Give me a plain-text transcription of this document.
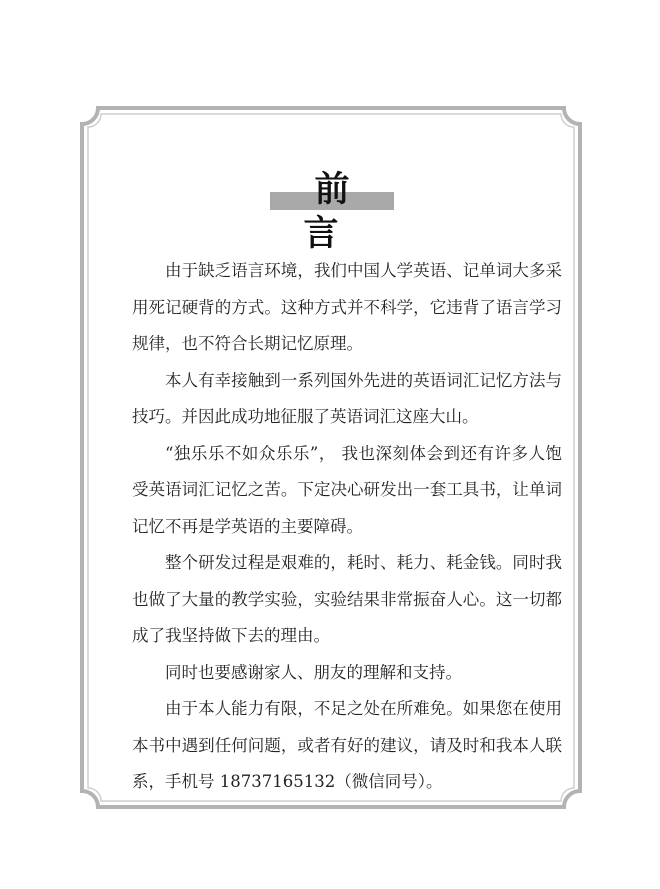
前言

由于缺乏语言环境，我们中国人学英语、记单词大多采用死记硬背的方式。这种方式并不科学，它违背了语言学习规律，也不符合长期记忆原理。

本人有幸接触到一系列国外先进的英语词汇记忆方法与技巧。并因此成功地征服了英语词汇这座大山。

“独乐乐不如众乐乐”， 我也深刻体会到还有许多人饱受英语词汇记忆之苦。下定决心研发出一套工具书，让单词记忆不再是学英语的主要障碍。

整个研发过程是艰难的，耗时、耗力、耗金钱。同时我也做了大量的教学实验，实验结果非常振奋人心。这一切都成了我坚持做下去的理由。

同时也要感谢家人、朋友的理解和支持。

由于本人能力有限，不足之处在所难免。如果您在使用本书中遇到任何问题，或者有好的建议，请及时和我本人联系，手机号 18737165132（微信同号）。
